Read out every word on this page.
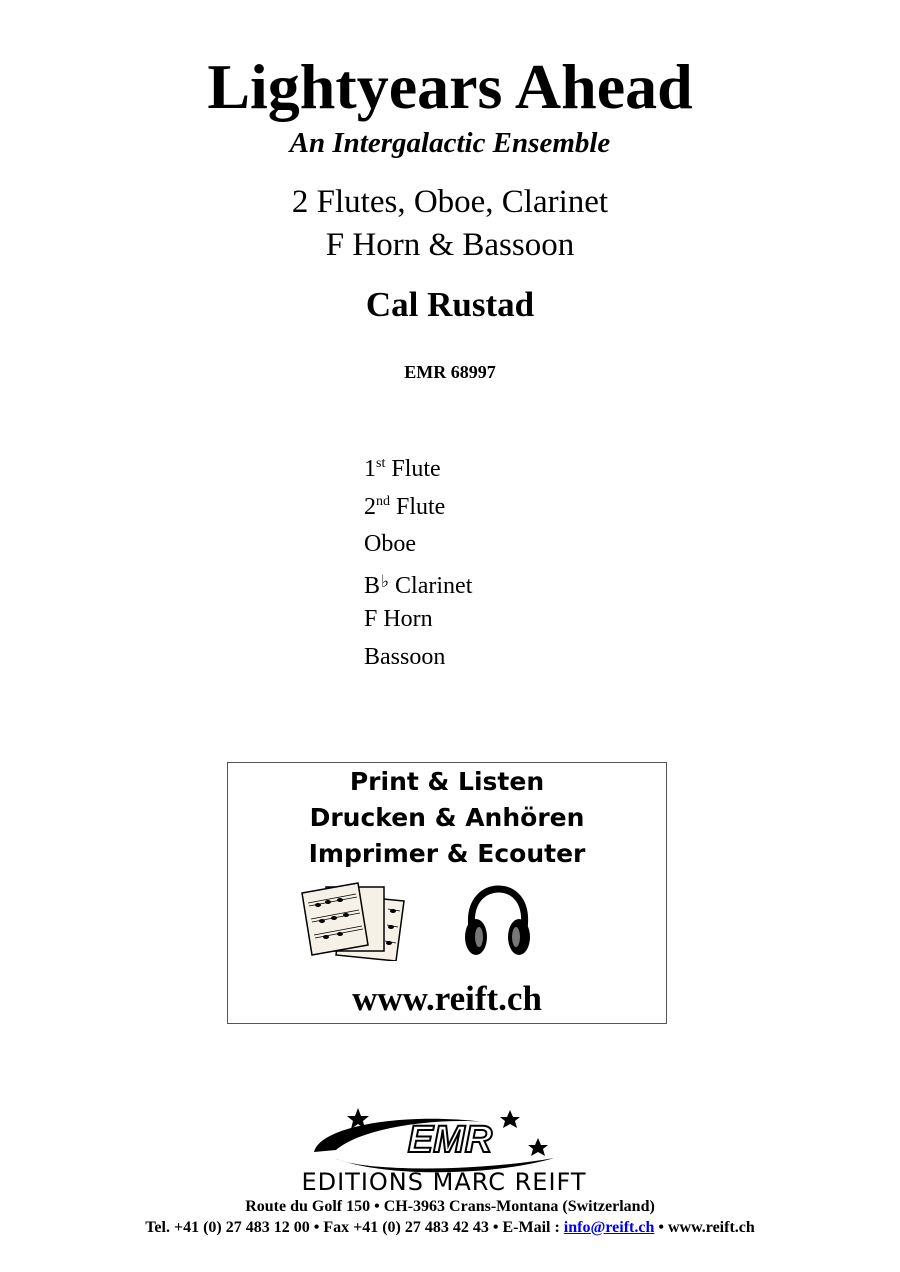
Lightyears Ahead
An Intergalactic Ensemble
2 Flutes, Oboe, Clarinet
F Horn & Bassoon
Cal Rustad
EMR 68997
1st Flute
2nd Flute
Oboe
B♭ Clarinet
F Horn
Bassoon
Print & Listen
Drucken & Anhören
Imprimer & Ecouter
www.reift.ch
EMR
EDITIONS MARC REIFT
Route du Golf 150 • CH-3963 Crans-Montana (Switzerland)
Tel. +41 (0) 27 483 12 00 • Fax +41 (0) 27 483 42 43 • E-Mail : info@reift.ch • www.reift.ch
